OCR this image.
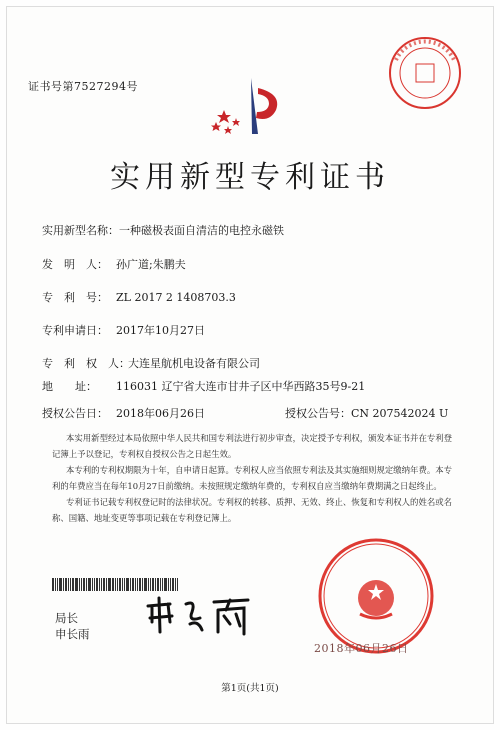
证书号第7527294号
实用新型专利证书
实用新型名称：一种磁极表面自清洁的电控永磁铁
发　明　人： 孙广道;朱鹏夫
专　利　号： ZL 2017 2 1408703.3
专利申请日： 2017年10月27日
专　利　权　人：大连星航机电设备有限公司
地　　址： 116031 辽宁省大连市甘井子区中华西路35号9-21
授权公告日： 2018年06月26日	授权公告号：CN 207542024 U

本实用新型经过本局依照中华人民共和国专利法进行初步审查，决定授予专利权，颁发本证书并在专利登记簿上予以登记，专利权自授权公告之日起生效。

本专利的专利权期限为十年，自申请日起算。专利权人应当依照专利法及其实施细则规定缴纳年费。本专利的年费应当在每年10月27日前缴纳。未按照规定缴纳年费的，专利权自应当缴纳年费期满之日起终止。

专利证书记载专利权登记时的法律状况。专利权的转移、质押、无效、终止、恢复和专利权人的姓名或名称、国籍、地址变更等事项记载在专利登记簿上。

局长
申长雨
2018年06月26日
第1页(共1页)
